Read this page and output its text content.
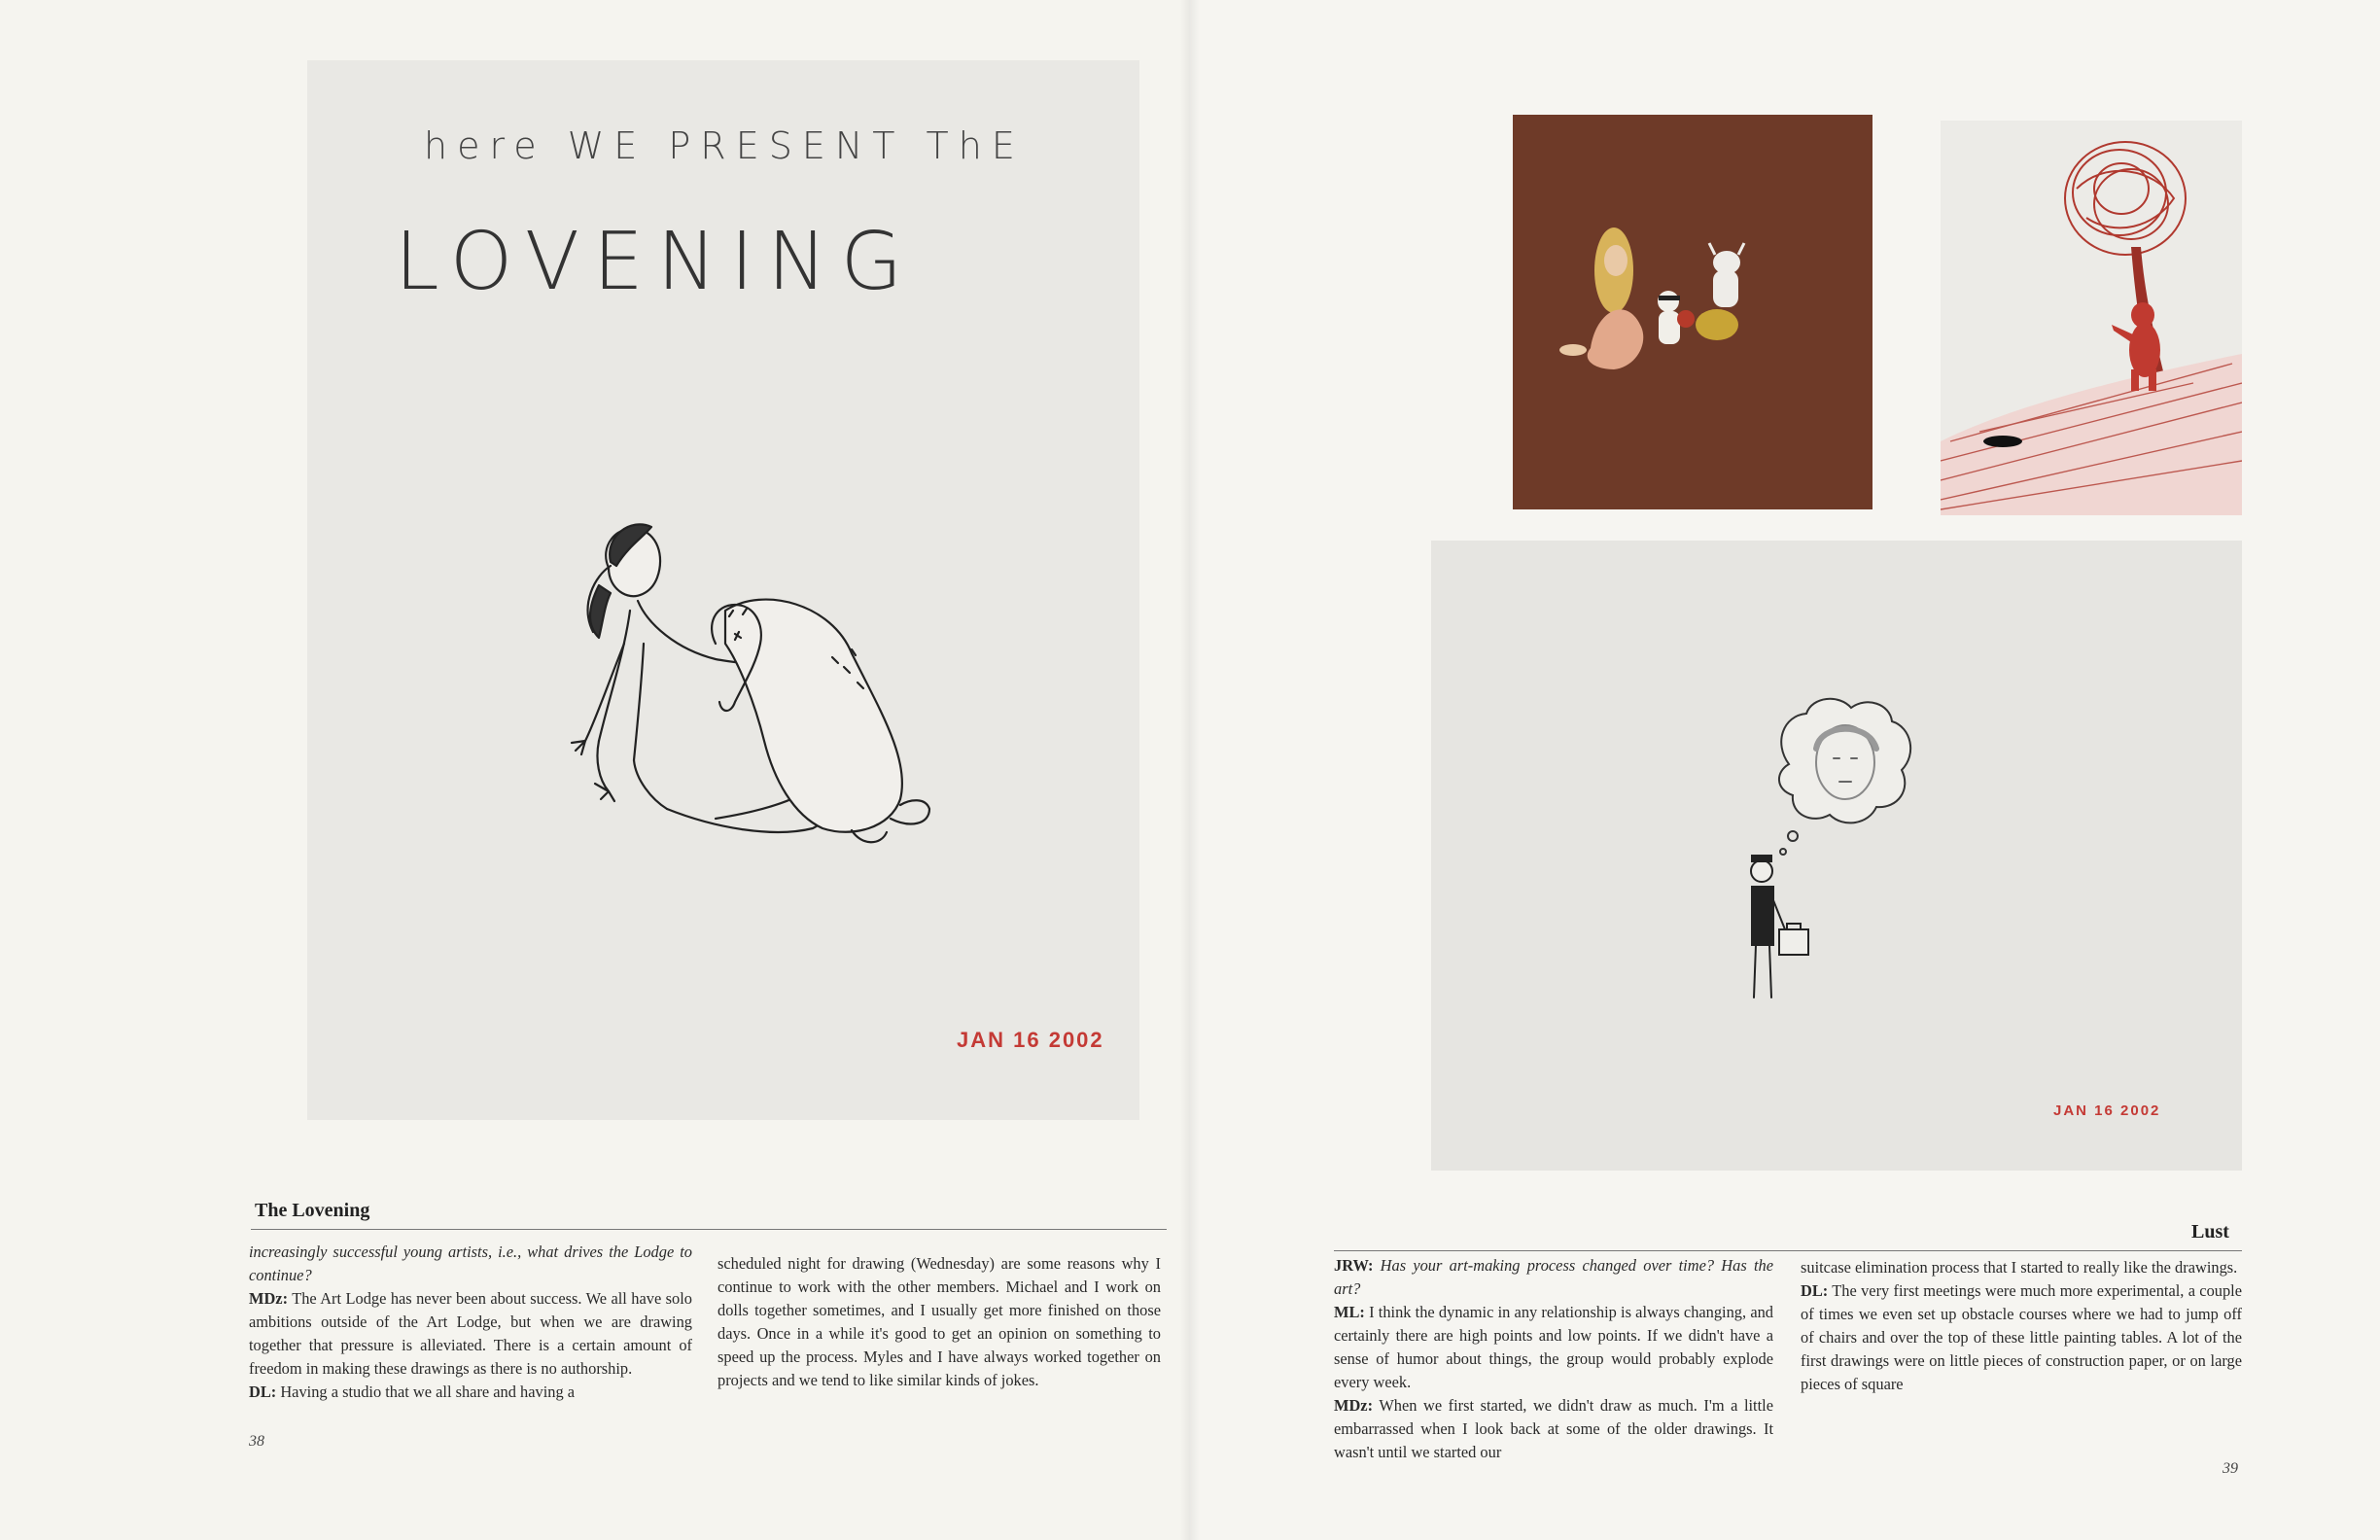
here WE PRESENT ThE
LOVENING
JAN 16 2002
The Lovening

increasingly successful young artists, i.e., what drives the Lodge to continue?
MDz: The Art Lodge has never been about success. We all have solo ambitions outside of the Art Lodge, but when we are drawing together that pressure is alleviated. There is a certain amount of freedom in making these drawings as there is no authorship.
DL: Having a studio that we all share and having a

scheduled night for drawing (Wednesday) are some reasons why I continue to work with the other members. Michael and I work on dolls together sometimes, and I usually get more finished on those days. Once in a while it's good to get an opinion on something to speed up the process. Myles and I have always worked together on projects and we tend to like similar kinds of jokes.

38
JAN 16 2002
Lust

JRW: Has your art-making process changed over time? Has the art?
ML: I think the dynamic in any relationship is always changing, and certainly there are high points and low points. If we didn't have a sense of humor about things, the group would probably explode every week.
MDz: When we first started, we didn't draw as much. I'm a little embarrassed when I look back at some of the older drawings. It wasn't until we started our

suitcase elimination process that I started to really like the drawings.
DL: The very first meetings were much more experimental, a couple of times we even set up obstacle courses where we had to jump off of chairs and over the top of these little painting tables. A lot of the first drawings were on little pieces of construction paper, or on large pieces of square

39
